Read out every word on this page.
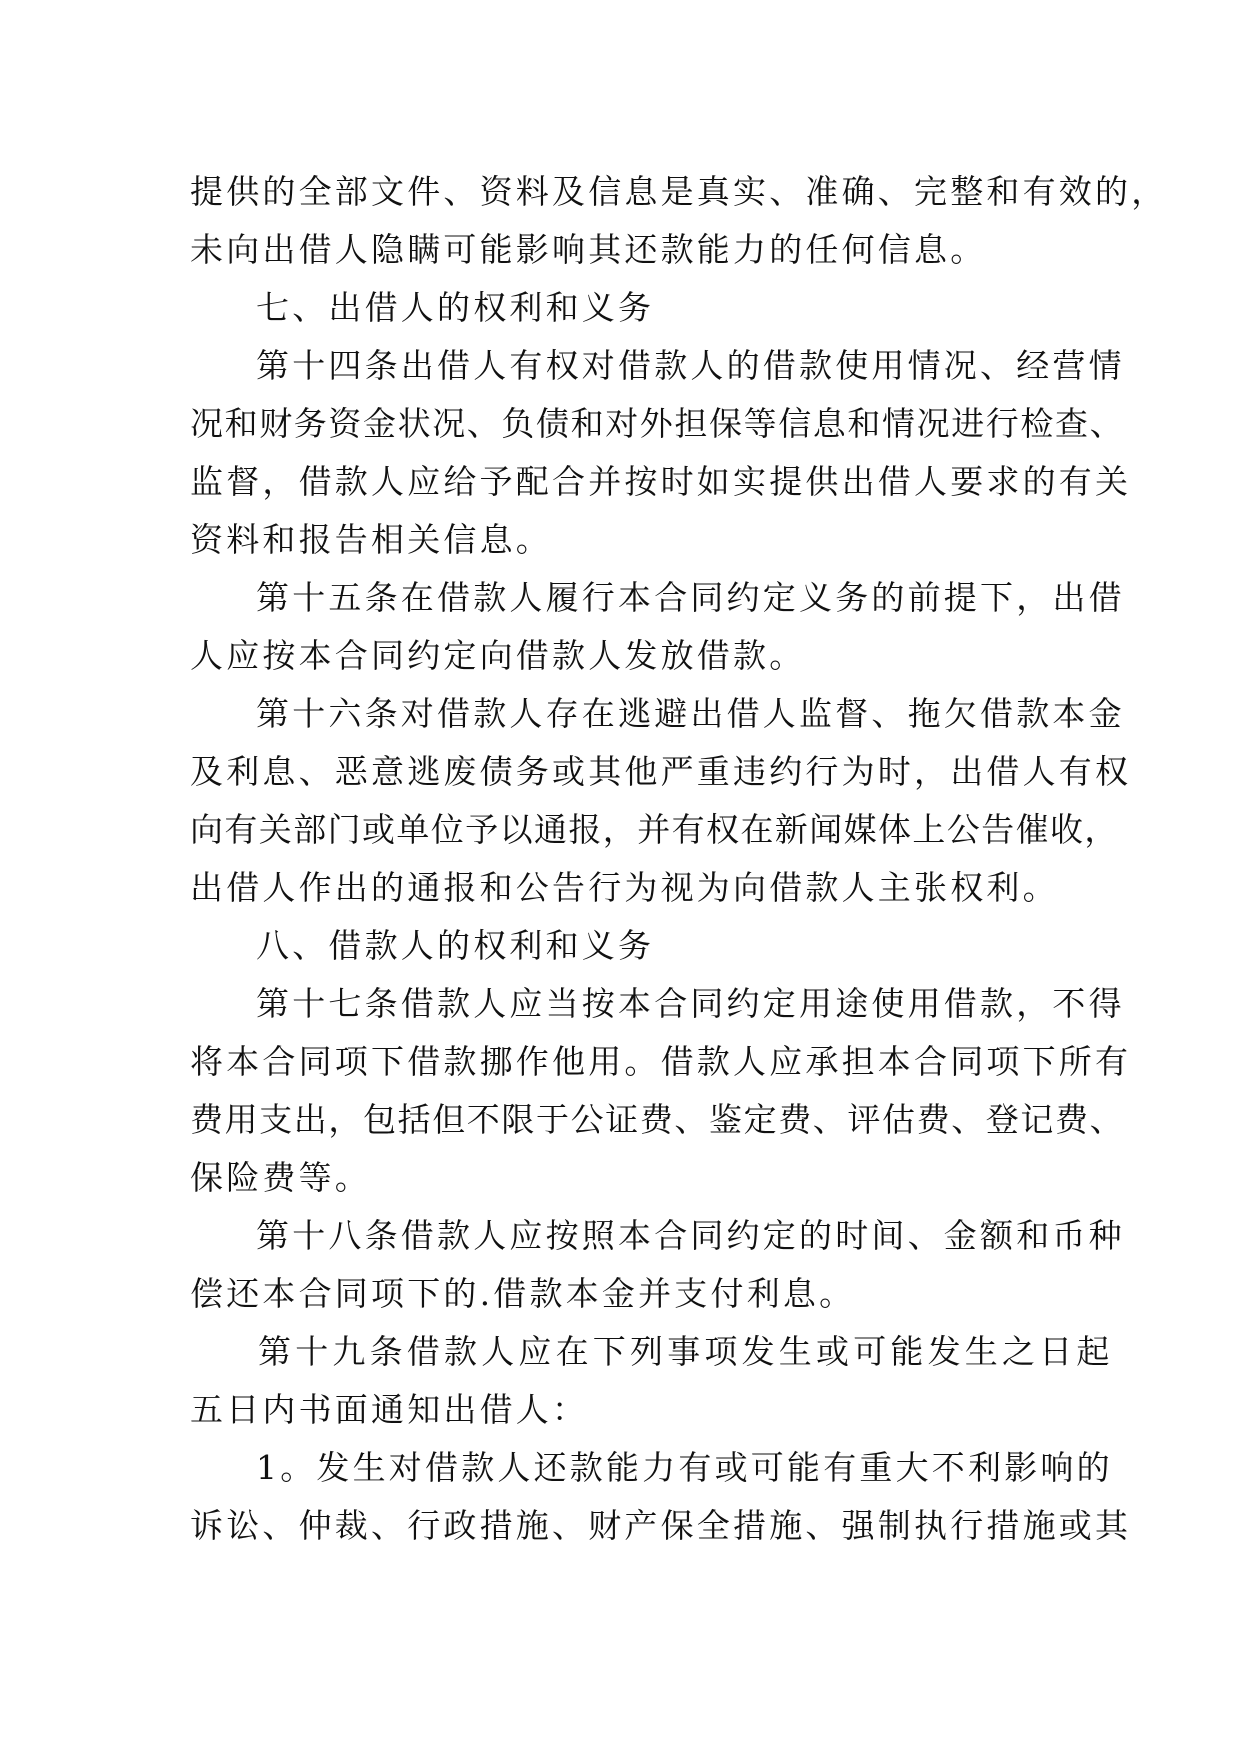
提供的全部文件、资料及信息是真实、准确、完整和有效的，
未向出借人隐瞒可能影响其还款能力的任何信息。
七、出借人的权利和义务
第十四条出借人有权对借款人的借款使用情况、经营情
况和财务资金状况、负债和对外担保等信息和情况进行检查、
监督，借款人应给予配合并按时如实提供出借人要求的有关
资料和报告相关信息。
第十五条在借款人履行本合同约定义务的前提下，出借
人应按本合同约定向借款人发放借款。
第十六条对借款人存在逃避出借人监督、拖欠借款本金
及利息、恶意逃废债务或其他严重违约行为时，出借人有权
向有关部门或单位予以通报，并有权在新闻媒体上公告催收，
出借人作出的通报和公告行为视为向借款人主张权利。
八、借款人的权利和义务
第十七条借款人应当按本合同约定用途使用借款，不得
将本合同项下借款挪作他用。借款人应承担本合同项下所有
费用支出，包括但不限于公证费、鉴定费、评估费、登记费、
保险费等。
第十八条借款人应按照本合同约定的时间、金额和币种
偿还本合同项下的.借款本金并支付利息。
第十九条借款人应在下列事项发生或可能发生之日起
五日内书面通知出借人：
1。发生对借款人还款能力有或可能有重大不利影响的
诉讼、仲裁、行政措施、财产保全措施、强制执行措施或其
